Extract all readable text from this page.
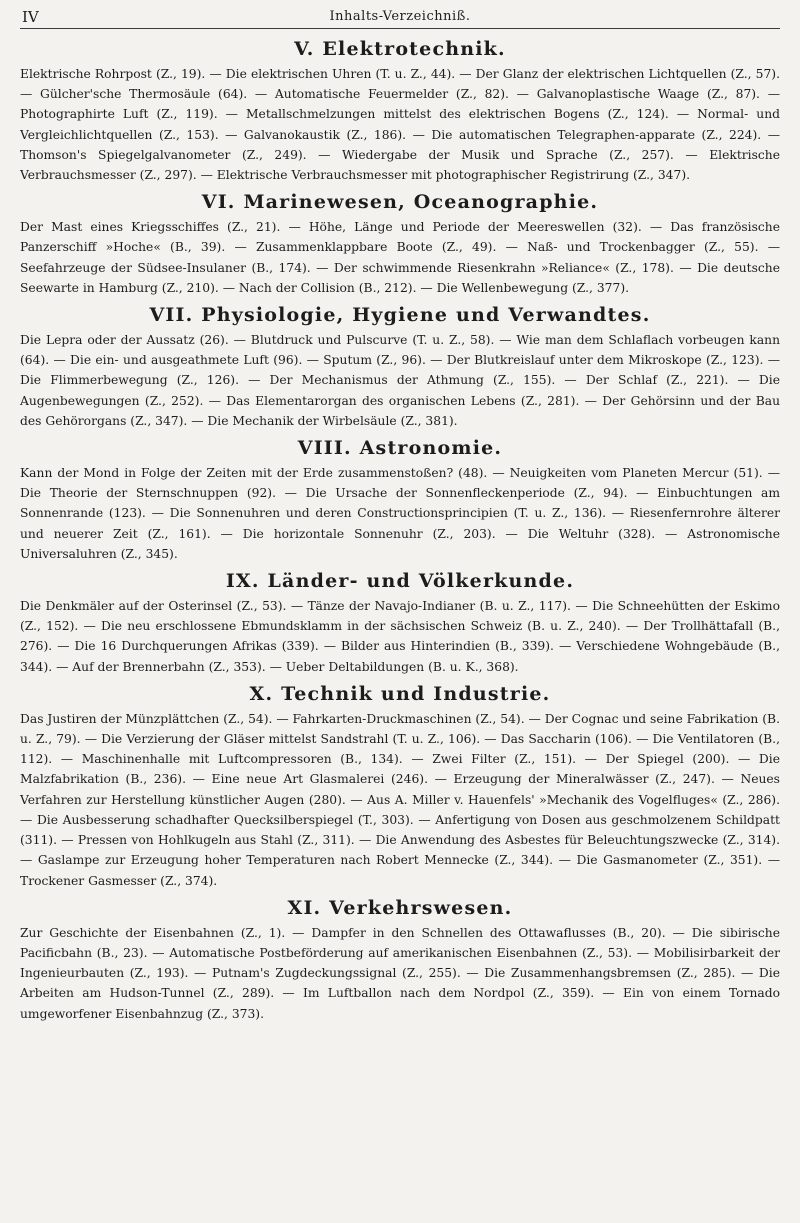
IV	Inhalts-Verzeichniß.
V. Elektrotechnik.

Elektrische Rohrpost (Z., 19). — Die elektrischen Uhren (T. u. Z., 44). — Der Glanz der elektrischen Lichtquellen (Z., 57). — Gülcher'sche Thermosäule (64). — Automatische Feuermelder (Z., 82). — Galvanoplastische Waage (Z., 87). — Photographirte Luft (Z., 119). — Metallschmelzungen mittelst des elektrischen Bogens (Z., 124). — Normal- und Vergleichlichtquellen (Z., 153). — Galvanokaustik (Z., 186). — Die automatischen Telegraphen-apparate (Z., 224). — Thomson's Spiegelgalvanometer (Z., 249). — Wiedergabe der Musik und Sprache (Z., 257). — Elektrische Verbrauchsmesser (Z., 297). — Elektrische Verbrauchsmesser mit photographischer Registrirung (Z., 347).

VI. Marinewesen, Oceanographie.

Der Mast eines Kriegsschiffes (Z., 21). — Höhe, Länge und Periode der Meereswellen (32). — Das französische Panzerschiff »Hoche« (B., 39). — Zusammenklappbare Boote (Z., 49). — Naß- und Trockenbagger (Z., 55). — Seefahrzeuge der Südsee-Insulaner (B., 174). — Der schwimmende Riesenkrahn »Reliance« (Z., 178). — Die deutsche Seewarte in Hamburg (Z., 210). — Nach der Collision (B., 212). — Die Wellenbewegung (Z., 377).

VII. Physiologie, Hygiene und Verwandtes.

Die Lepra oder der Aussatz (26). — Blutdruck und Pulscurve (T. u. Z., 58). — Wie man dem Schlaflach vorbeugen kann (64). — Die ein- und ausgeathmete Luft (96). — Sputum (Z., 96). — Der Blutkreislauf unter dem Mikroskope (Z., 123). — Die Flimmerbewegung (Z., 126). — Der Mechanismus der Athmung (Z., 155). — Der Schlaf (Z., 221). — Die Augenbewegungen (Z., 252). — Das Elementarorgan des organischen Lebens (Z., 281). — Der Gehörsinn und der Bau des Gehörorgans (Z., 347). — Die Mechanik der Wirbelsäule (Z., 381).

VIII. Astronomie.

Kann der Mond in Folge der Zeiten mit der Erde zusammenstoßen? (48). — Neuigkeiten vom Planeten Mercur (51). — Die Theorie der Sternschnuppen (92). — Die Ursache der Sonnenfleckenperiode (Z., 94). — Einbuchtungen am Sonnenrande (123). — Die Sonnenuhren und deren Constructionsprincipien (T. u. Z., 136). — Riesenfernrohre älterer und neuerer Zeit (Z., 161). — Die horizontale Sonnenuhr (Z., 203). — Die Weltuhr (328). — Astronomische Universaluhren (Z., 345).

IX. Länder- und Völkerkunde.

Die Denkmäler auf der Osterinsel (Z., 53). — Tänze der Navajo-Indianer (B. u. Z., 117). — Die Schneehütten der Eskimo (Z., 152). — Die neu erschlossene Ebmundsklamm in der sächsischen Schweiz (B. u. Z., 240). — Der Trollhättafall (B., 276). — Die 16 Durchquerungen Afrikas (339). — Bilder aus Hinterindien (B., 339). — Verschiedene Wohngebäude (B., 344). — Auf der Brennerbahn (Z., 353). — Ueber Deltabildungen (B. u. K., 368).

X. Technik und Industrie.

Das Justiren der Münzplättchen (Z., 54). — Fahrkarten-Druckmaschinen (Z., 54). — Der Cognac und seine Fabrikation (B. u. Z., 79). — Die Verzierung der Gläser mittelst Sandstrahl (T. u. Z., 106). — Das Saccharin (106). — Die Ventilatoren (B., 112). — Maschinenhalle mit Luftcompressoren (B., 134). — Zwei Filter (Z., 151). — Der Spiegel (200). — Die Malzfabrikation (B., 236). — Eine neue Art Glasmalerei (246). — Erzeugung der Mineralwässer (Z., 247). — Neues Verfahren zur Herstellung künstlicher Augen (280). — Aus A. Miller v. Hauenfels' »Mechanik des Vogelfluges« (Z., 286). — Die Ausbesserung schadhafter Quecksilberspiegel (T., 303). — Anfertigung von Dosen aus geschmolzenem Schildpatt (311). — Pressen von Hohlkugeln aus Stahl (Z., 311). — Die Anwendung des Asbestes für Beleuchtungszwecke (Z., 314). — Gaslampe zur Erzeugung hoher Temperaturen nach Robert Mennecke (Z., 344). — Die Gasmanometer (Z., 351). — Trockener Gasmesser (Z., 374).

XI. Verkehrswesen.

Zur Geschichte der Eisenbahnen (Z., 1). — Dampfer in den Schnellen des Ottawaflusses (B., 20). — Die sibirische Pacificbahn (B., 23). — Automatische Postbeförderung auf amerikanischen Eisenbahnen (Z., 53). — Mobilisirbarkeit der Ingenieurbauten (Z., 193). — Putnam's Zugdeckungssignal (Z., 255). — Die Zusammenhangsbremsen (Z., 285). — Die Arbeiten am Hudson-Tunnel (Z., 289). — Im Luftballon nach dem Nordpol (Z., 359). — Ein von einem Tornado umgeworfener Eisenbahnzug (Z., 373).
